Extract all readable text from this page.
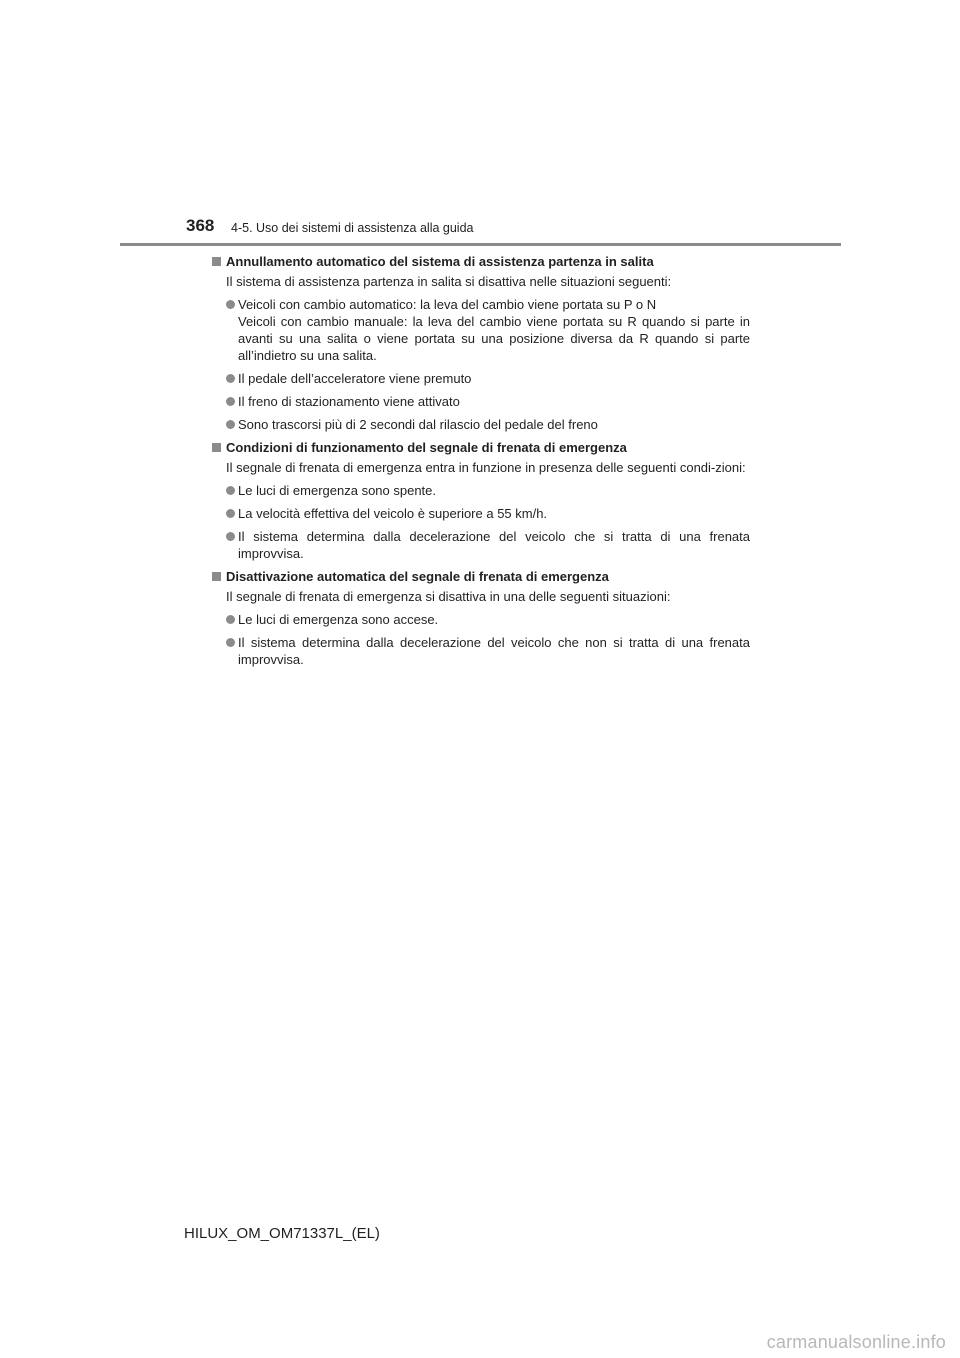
368 4-5. Uso dei sistemi di assistenza alla guida
Annullamento automatico del sistema di assistenza partenza in salita
Il sistema di assistenza partenza in salita si disattiva nelle situazioni seguenti:
Veicoli con cambio automatico: la leva del cambio viene portata su P o N
Veicoli con cambio manuale: la leva del cambio viene portata su R quando si parte in avanti su una salita o viene portata su una posizione diversa da R quando si parte all’indietro su una salita.
Il pedale dell’acceleratore viene premuto
Il freno di stazionamento viene attivato
Sono trascorsi più di 2 secondi dal rilascio del pedale del freno
Condizioni di funzionamento del segnale di frenata di emergenza
Il segnale di frenata di emergenza entra in funzione in presenza delle seguenti condi-zioni:
Le luci di emergenza sono spente.
La velocità effettiva del veicolo è superiore a 55 km/h.
Il sistema determina dalla decelerazione del veicolo che si tratta di una frenata improvvisa.
Disattivazione automatica del segnale di frenata di emergenza
Il segnale di frenata di emergenza si disattiva in una delle seguenti situazioni:
Le luci di emergenza sono accese.
Il sistema determina dalla decelerazione del veicolo che non si tratta di una frenata improvvisa.
HILUX_OM_OM71337L_(EL)
carmanualsonline.info
